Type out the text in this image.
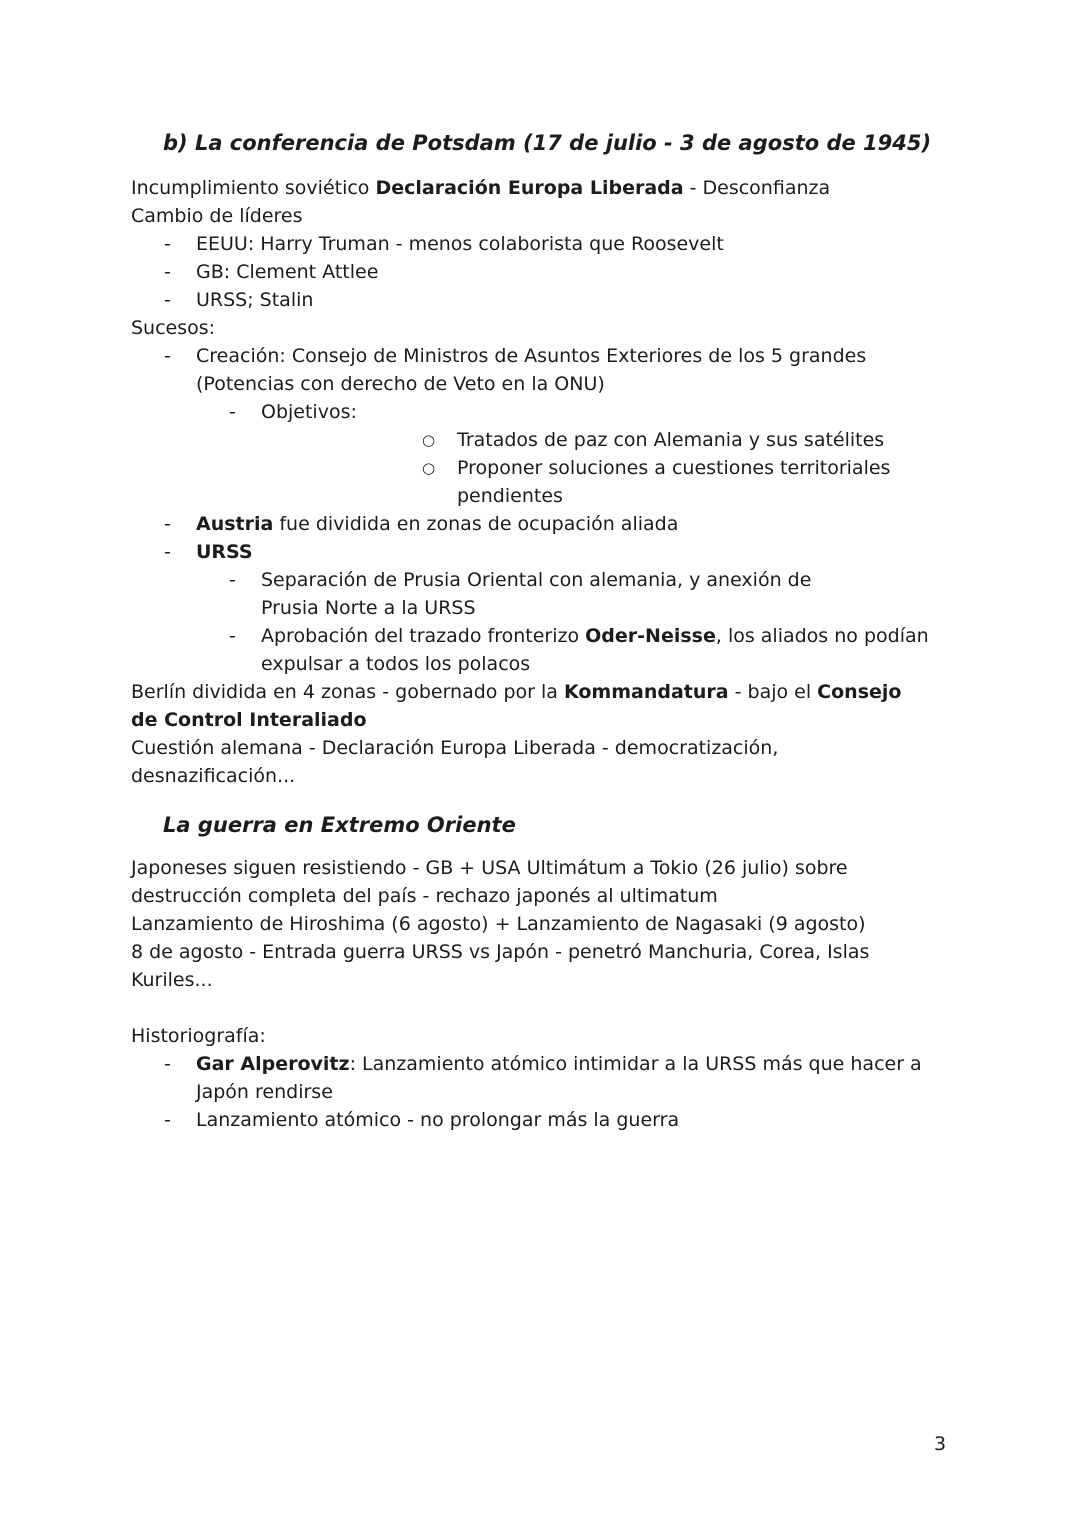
b) La conferencia de Potsdam (17 de julio - 3 de agosto de 1945)
Incumplimiento soviético Declaración Europa Liberada - Desconfianza
Cambio de líderes
- EEUU: Harry Truman - menos colaborista que Roosevelt
- GB: Clement Attlee
- URSS; Stalin
Sucesos:
- Creación: Consejo de Ministros de Asuntos Exteriores de los 5 grandes (Potencias con derecho de Veto en la ONU)
- Objetivos:
○ Tratados de paz con Alemania y sus satélites
○ Proponer soluciones a cuestiones territoriales pendientes
- Austria fue dividida en zonas de ocupación aliada
- URSS
- Separación de Prusia Oriental con alemania, y anexión de Prusia Norte a la URSS
- Aprobación del trazado fronterizo Oder-Neisse, los aliados no podían expulsar a todos los polacos
Berlín dividida en 4 zonas - gobernado por la Kommandatura - bajo el Consejo de Control Interaliado
Cuestión alemana - Declaración Europa Liberada - democratización, desnazificación...
La guerra en Extremo Oriente
Japoneses siguen resistiendo - GB + USA Ultimátum a Tokio (26 julio) sobre destrucción completa del país - rechazo japonés al ultimatum
Lanzamiento de Hiroshima (6 agosto) + Lanzamiento de Nagasaki (9 agosto)
8 de agosto - Entrada guerra URSS vs Japón - penetró Manchuria, Corea, Islas Kuriles...
Historiografía:
- Gar Alperovitz: Lanzamiento atómico intimidar a la URSS más que hacer a Japón rendirse
- Lanzamiento atómico - no prolongar más la guerra
3
